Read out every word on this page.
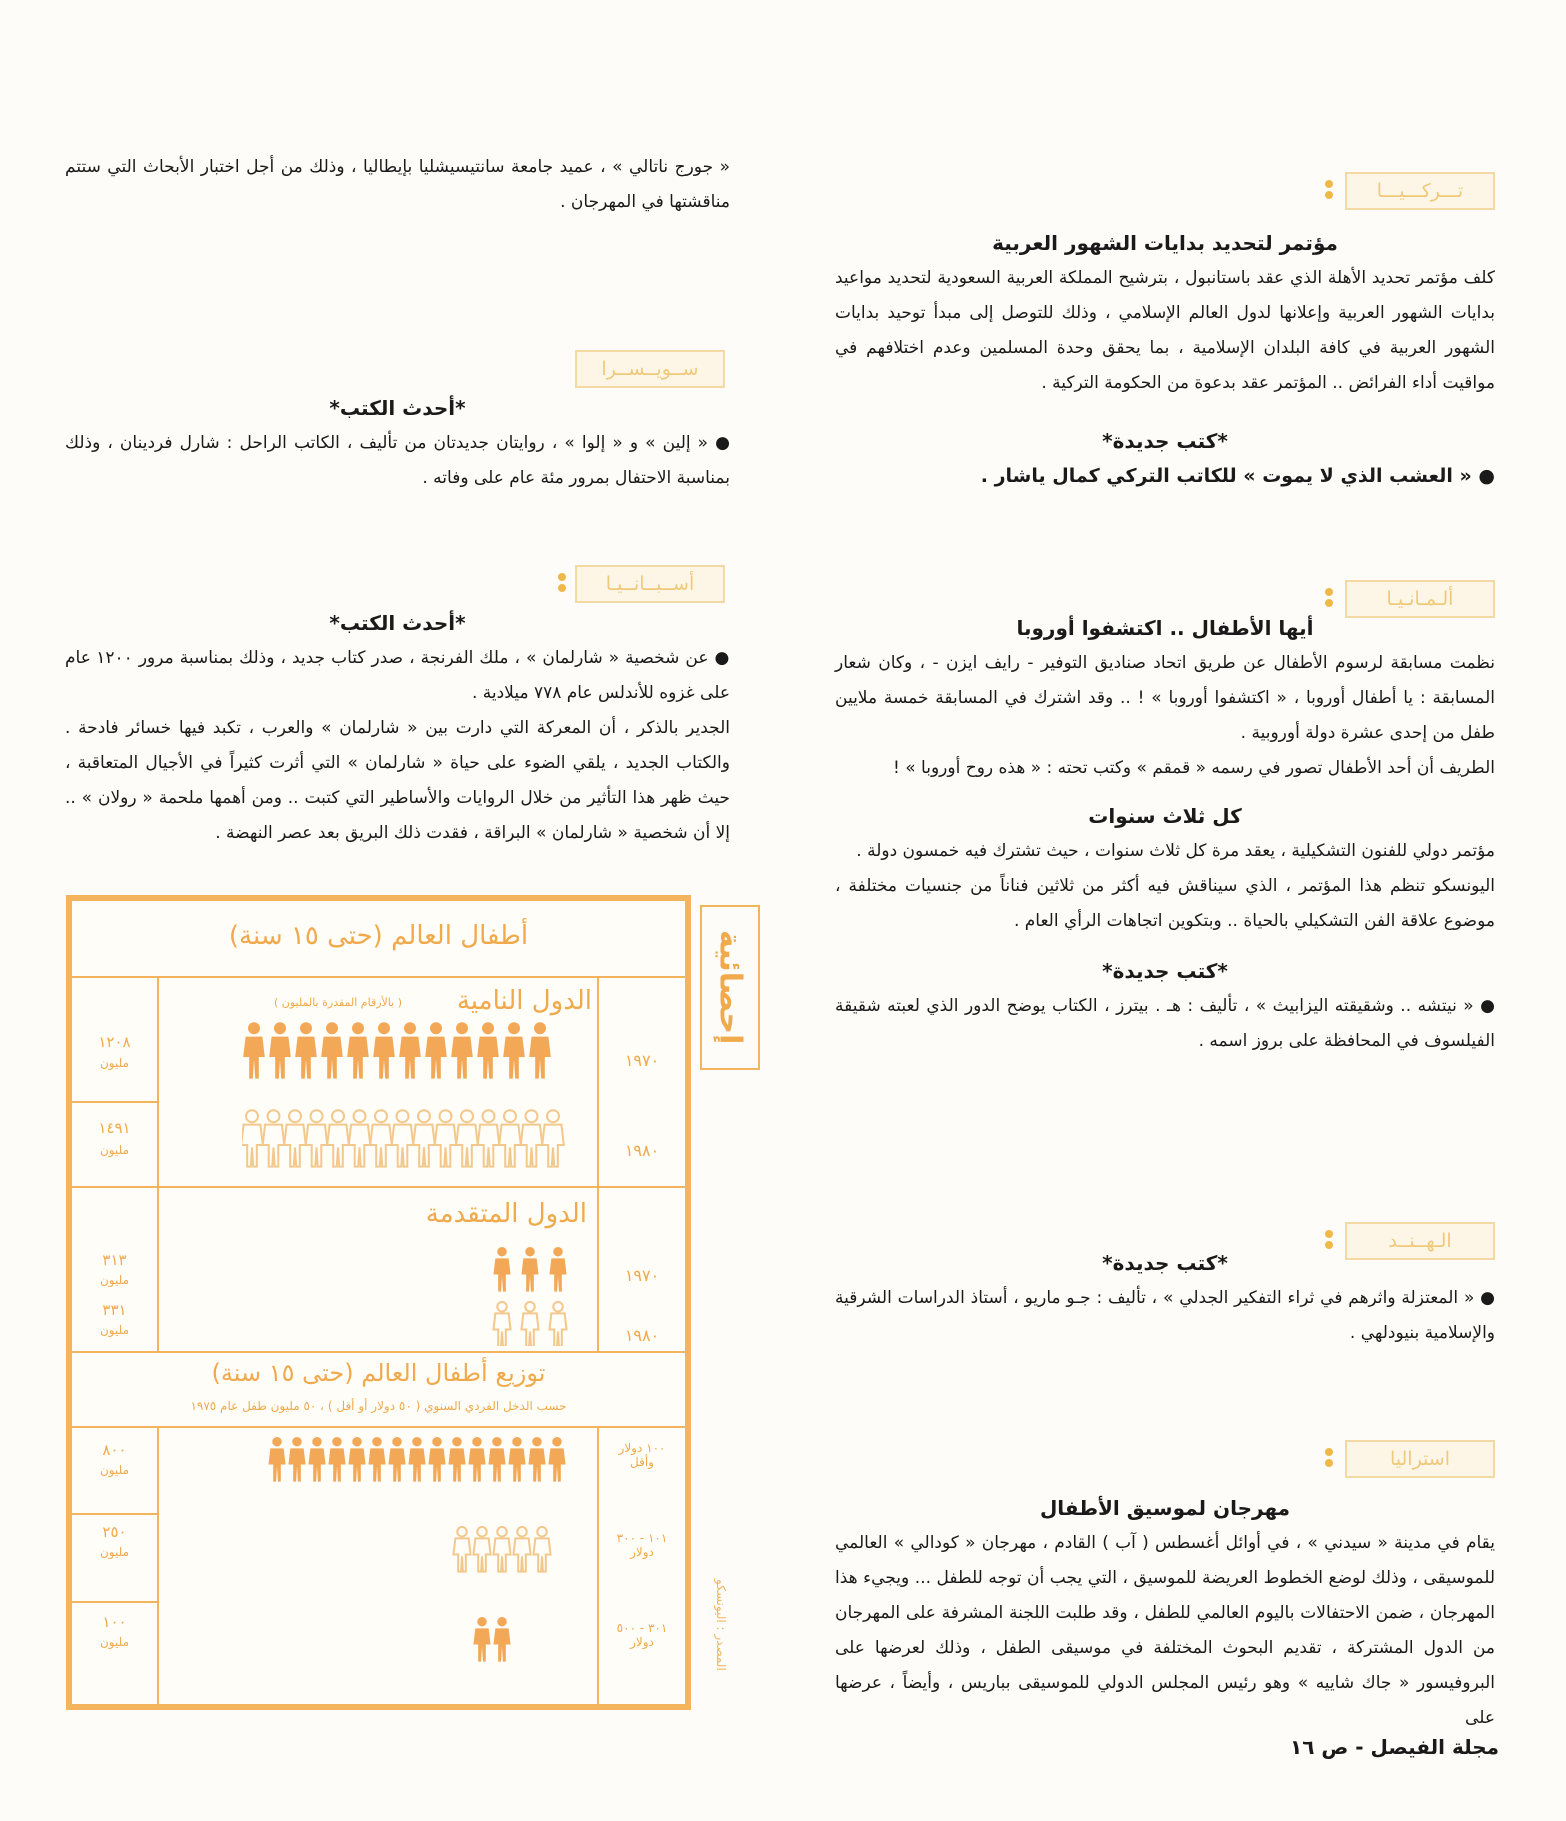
تـــركـــيـــا

مؤتمر لتحديد بدايات الشهور العربية

كلف مؤتمر تحديد الأهلة الذي عقد باستانبول ، بترشيح المملكة العربية السعودية لتحديد مواعيد بدايات الشهور العربية وإعلانها لدول العالم الإسلامي ، وذلك للتوصل إلى مبدأ توحيد بدايات الشهور العربية في كافة البلدان الإسلامية ، بما يحقق وحدة المسلمين وعدم اختلافهم في مواقيت أداء الفرائض .. المؤتمر عقد بدعوة من الحكومة التركية .

*كتب جديدة*

● « العشب الذي لا يموت » للكاتب التركي كمال ياشار .

ألـمـانـيـا

أيها الأطفال .. اكتشفوا أوروبا

نظمت مسابقة لرسوم الأطفال عن طريق اتحاد صناديق التوفير - رايف ايزن - ، وكان شعار المسابقة : يا أطفال أوروبا ، « اكتشفوا أوروبا » ! .. وقد اشترك في المسابقة خمسة ملايين طفل من إحدى عشرة دولة أوروبية .

الطريف أن أحد الأطفال تصور في رسمه « قمقم » وكتب تحته : « هذه روح أوروبا » !

كل ثلاث سنوات

مؤتمر دولي للفنون التشكيلية ، يعقد مرة كل ثلاث سنوات ، حيث تشترك فيه خمسون دولة .

اليونسكو تنظم هذا المؤتمر ، الذي سيناقش فيه أكثر من ثلاثين فناناً من جنسيات مختلفة ، موضوع علاقة الفن التشكيلي بالحياة .. وبتكوين اتجاهات الرأي العام .

*كتب جديدة*

● « نيتشه .. وشقيقته اليزابيث » ، تأليف : هـ . بيترز ، الكتاب يوضح الدور الذي لعبته شقيقة الفيلسوف في المحافظة على بروز اسمه .

الـهــنــد

*كتب جديدة*

● « المعتزلة واثرهم في ثراء التفكير الجدلي » ، تأليف : جـو ماريو ، أستاذ الدراسات الشرقية والإسلامية بنيودلهي .

استراليا

مهرجان لموسيق الأطفال

يقام في مدينة « سيدني » ، في أوائل أغسطس ( آب ) القادم ، مهرجان « كودالي » العالمي للموسيقى ، وذلك لوضع الخطوط العريضة للموسيق ، التي يجب أن توجه للطفل ... ويجيء هذا المهرجان ، ضمن الاحتفالات باليوم العالمي للطفل ، وقد طلبت اللجنة المشرفة على المهرجان من الدول المشتركة ، تقديم البحوث المختلفة في موسيقى الطفل ، وذلك لعرضها على البروفيسور « جاك شاييه » وهو رئيس المجلس الدولي للموسيقى بباريس ، وأيضاً ، عرضها على

مجلة الفيصل - ص ١٦

« جورج ناتالي » ، عميد جامعة سانتيسيشليا بإيطاليا ، وذلك من أجل اختبار الأبحاث التي ستتم مناقشتها في المهرجان .

ســويــســرا

*أحدث الكتب*

● « إلين » و « إلوا » ، روايتان جديدتان من تأليف ، الكاتب الراحل : شارل فردينان ، وذلك بمناسبة الاحتفال بمرور مئة عام على وفاته .

أســبــانــيـا

*أحدث الكتب*

● عن شخصية « شارلمان » ، ملك الفرنجة ، صدر كتاب جديد ، وذلك بمناسبة مرور ١٢٠٠ عام على غزوه للأندلس عام ٧٧٨ ميلادية .

الجدير بالذكر ، أن المعركة التي دارت بين « شارلمان » والعرب ، تكبد فيها خسائر فادحة . والكتاب الجديد ، يلقي الضوء على حياة « شارلمان » التي أثرت كثيراً في الأجيال المتعاقبة ، حيث ظهر هذا التأثير من خلال الروايات والأساطير التي كتبت .. ومن أهمها ملحمة « رولان » .. إلا أن شخصية « شارلمان » البراقة ، فقدت ذلك البريق بعد عصر النهضة .

إحصائية
المصدر : اليونسكو
أطفال العالم (حتى ١٥ سنة)
الدول النامية
( بالأرقام المقدرة بالمليون )
١٩٧٠
١٢٠٨
مليون
١٩٨٠
١٤٩١
مليون
الدول المتقدمة
١٩٧٠
٣١٣
مليون
١٩٨٠
٣٣١
مليون
توزيع أطفال العالم (حتى ١٥ سنة)
حسب الدخل الفردي السنوي ( ٥٠ دولار أو أقل ) ، ٥٠ مليون طفل عام ١٩٧٥
١٠٠ دولار وأقل
٨٠٠
مليون
١٠١ - ٣٠٠ دولار
٢٥٠
مليون
٣٠١ - ٥٠٠ دولار
١٠٠
مليون
